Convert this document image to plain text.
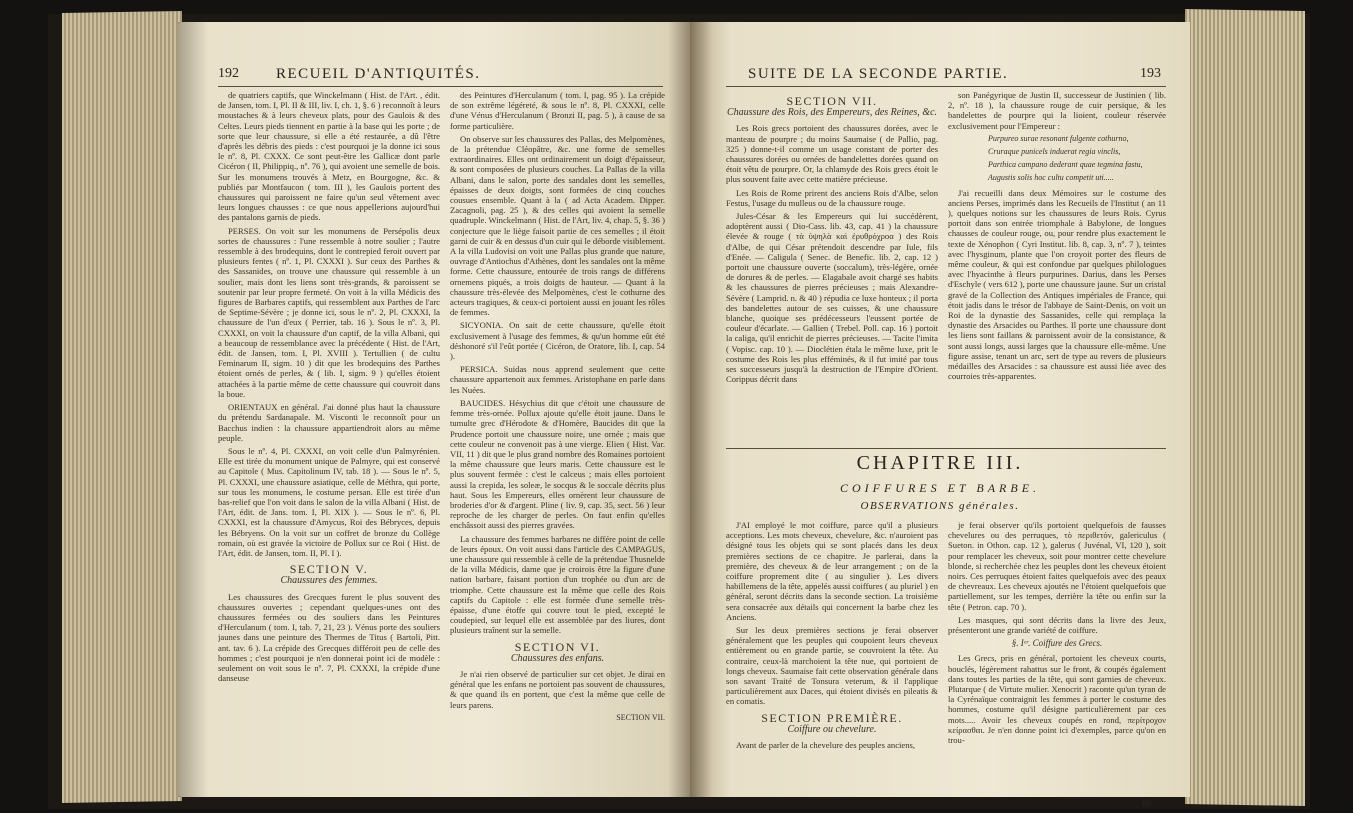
192 RECUEIL D'ANTIQUITÉS.

de quatriers captifs, que Winckelmann ( Hist. de l'Art. , édit. de Jansen, tom. I, Pl. II & III, liv. I, ch. 1, §. 6 ) reconnoît à leurs moustaches & à leurs cheveux plats, pour des Gaulois & des Celtes. Leurs pieds tiennent en partie à la base qui les porte ; de sorte que leur chaussure, si elle a été restaurée, a dû l'être d'après les débris des pieds : c'est pourquoi je la donne ici sous le nº. 8, Pl. CXXX. Ce sont peut-être les Gallicæ dont parle Cicéron ( II, Philippiq., nº. 76 ), qui avoient une semelle de bois. Sur les monumens trouvés à Metz, en Bourgogne, &c. & publiés par Montfaucon ( tom. III ), les Gaulois portent des chaussures qui paroissent ne faire qu'un seul vêtement avec leurs longues chausses : ce que nous appellerions aujourd'hui des pantalons garnis de pieds.

PERSES. On voit sur les monumens de Persépolis deux sortes de chaussures : l'une ressemble à notre soulier ; l'autre ressemble à des brodequins, dont le contrepied feroit ouvert par plusieurs fentes ( nº. 1, Pl. CXXXI ). Sur ceux des Parthes & des Sassanides, on trouve une chaussure qui ressemble à un soulier, mais dont les liens sont très-grands, & paroissent se soutenir par leur propre fermeté. On voit à la villa Médicis des figures de Barbares captifs, qui ressemblent aux Parthes de l'arc de Septime-Sévère ; je donne ici, sous le nº. 2, Pl. CXXXI, la chaussure de l'un d'eux ( Perrier, tab. 16 ). Sous le nº. 3, Pl. CXXXI, on voit la chaussure d'un captif, de la villa Albani, qui a beaucoup de ressemblance avec la précédente ( Hist. de l'Art, édit. de Jansen, tom. I, Pl. XVIII ). Tertullien ( de cultu Feminarum II, sigm. 10 ) dit que les brodequins des Parthes étoient ornés de perles, & ( lib. I, sigm. 9 ) qu'elles étoient attachées à la partie même de cette chaussure qui couvroit dans la boue.

ORIENTAUX en général. J'ai donné plus haut la chaussure du prétendu Sardanapale. M. Visconti le reconnoît pour un Bacchus indien : la chaussure appartiendroit alors au même peuple.

Sous le nº. 4, Pl. CXXXI, on voit celle d'un Palmyrénien. Elle est tirée du monument unique de Palmyre, qui est conservé au Capitole ( Mus. Capitolinum IV, tab. 18 ). — Sous le nº. 5, Pl. CXXXI, une chaussure asiatique, celle de Méthra, qui porte, sur tous les monumens, le costume persan. Elle est tirée d'un bas-relief que l'on voit dans le salon de la villa Albani ( Hist. de l'Art, édit. de Jans. tom. I, Pl. XIX ). — Sous le nº. 6, Pl. CXXXI, est la chaussure d'Amycus, Roi des Bébryces, depuis les Bébryens. On la voit sur un coffret de bronze du Collège romain, où est gravée la victoire de Pollux sur ce Roi ( Hist. de l'Art, édit. de Jansen, tom. II, Pl. I ).

SECTION V.
Chaussures des femmes.

Les chaussures des Grecques furent le plus souvent des chaussures ouvertes ; cependant quelques-unes ont des chaussures fermées ou des souliers dans les Peintures d'Herculanum ( tom. I, tab. 7, 21, 23 ). Vénus porte des souliers jaunes dans une peinture des Thermes de Titus ( Bartoli, Pitt. ant. tav. 6 ). La crépide des Grecques différoit peu de celle des hommes ; c'est pourquoi je n'en donnerai point ici de modèle : seulement on voit sous le nº. 7, Pl. CXXXI, la crépide d'une danseuse

des Peintures d'Herculanum ( tom. I, pag. 95 ). La crépide de son extrême légéreté, & sous le nº. 8, Pl. CXXXI, celle d'une Vénus d'Herculanum ( Bronzi II, pag. 5 ), à cause de sa forme particulière.

On observe sur les chaussures des Pallas, des Melpomènes, de la prétendue Cléopâtre, &c. une forme de semelles extraordinaires. Elles ont ordinairement un doigt d'épaisseur, & sont composées de plusieurs couches. La Pallas de la villa Albani, dans le salon, porte des sandales dont les semelles, épaisses de deux doigts, sont formées de cinq couches cousues ensemble. Quant à la ( ad Acta Academ. Dipper. Zacagnoli, pag. 25 ), & des celles qui avoient la semelle quadruple. Winckelmann ( Hist. de l'Art, liv. 4, chap. 5, §. 36 ) conjecture que le liège faisoit partie de ces semelles ; il étoit garni de cuir & en dessus d'un cuir qui le déborde visiblement. A la villa Ludovisi on voit une Pallas plus grande que nature, ouvrage d'Antiochus d'Athènes, dont les sandales ont la même forme. Cette chaussure, entourée de trois rangs de différens ornemens piqués, a trois doigts de hauteur. — Quant à la chaussure très-élevée des Melpomènes, c'est le cothurne des acteurs tragiques, & ceux-ci portoient aussi en jouant les rôles de femmes.

SICYONIA. On sait de cette chaussure, qu'elle étoit exclusivement à l'usage des femmes, & qu'un homme eût été déshonoré s'il l'eût portée ( Cicéron, de Oratore, lib. I, cap. 54 ).

PERSICA. Suidas nous apprend seulement que cette chaussure appartenoit aux femmes. Aristophane en parle dans les Nuées.

BAUCIDES. Hésychius dit que c'étoit une chaussure de femme très-ornée. Pollux ajoute qu'elle étoit jaune. Dans le tumulte grec d'Hérodote & d'Homère, Baucides dit que la Prudence portoit une chaussure noire, une ornée ; mais que cette couleur ne convenoit pas à une vierge. Elien ( Hist. Var. VII, 11 ) dit que le plus grand nombre des Romaines portoient la même chaussure que leurs maris. Cette chaussure est le plus souvent fermée : c'est le calceus ; mais elles portoient aussi la crepida, les soleæ, le socqus & le soccale décrits plus haut. Sous les Empereurs, elles ornèrent leur chaussure de broderies d'or & d'argent. Pline ( liv. 9, cap. 35, sect. 56 ) leur reproche de les charger de perles. On faut enfin qu'elles enchâssoit aussi des pierres gravées.

La chaussure des femmes barbares ne différe point de celle de leurs époux. On voit aussi dans l'article des CAMPAGUS, une chaussure qui ressemble à celle de la prétendue Thusnelde de la villa Médicis, dame que je croirois être la figure d'une nation barbare, faisant portion d'un trophée ou d'un arc de triomphe. Cette chaussure est la même que celle des Rois captifs du Capitole : elle est formée d'une semelle très-épaisse, d'une étoffe qui couvre tout le pied, excepté le coudepied, sur lequel elle est assemblée par des liures, dont plusieurs traînent sur la semelle.

SECTION VI.
Chaussures des enfans.

Je n'ai rien observé de particulier sur cet objet. Je dirai en général que les enfans ne portoient pas souvent de chaussures, & que quand ils en portent, que c'est la même que celle de leurs parens.

SECTION VII.
SUITE DE LA SECONDE PARTIE.	193
SECTION VII.
Chaussure des Rois, des Empereurs, des Reines, &c.

Les Rois grecs portoient des chaussures dorées, avec le manteau de pourpre ; du moins Saumaise ( de Pallio, pag. 325 ) donne-t-il comme un usage constant de porter des chaussures dorées ou ornées de bandelettes dorées quand on étoit vêtu de pourpre. Or, la chlamyde des Rois grecs étoit le plus souvent faite avec cette matière précieuse.

Les Rois de Rome prirent des anciens Rois d'Albe, selon Festus, l'usage du mulleus ou de la chaussure rouge.

Jules-César & les Empereurs qui lui succédèrent, adoptèrent aussi ( Dio-Cass. lib. 43, cap. 41 ) la chaussure élevée & rouge ( τὰ ὑψηλὰ καὶ ἐρυθρόχροα ) des Rois d'Albe, de qui César prétendoit descendre par Iule, fils d'Enée. — Caligula ( Senec. de Benefic. lib. 2, cap. 12 ) portoit une chaussure ouverte (soccalum), très-légère, ornée de dorures & de perles. — Elagabale avoit chargé ses habits & les chaussures de pierres précieuses ; mais Alexandre-Sévère ( Lamprid. n. & 40 ) répudia ce luxe honteux ; il porta des bandelettes autour de ses cuisses, & une chaussure blanche, quoique ses prédécesseurs l'eussent portée de couleur d'écarlate. — Gallien ( Trebel. Poll. cap. 16 ) portoit la caliga, qu'il enrichit de pierres précieuses. — Tacite l'imita ( Vopisc. cap. 10 ). — Dioclétien étala le même luxe, prit le costume des Rois les plus efféminés, & il fut imité par tous ses successeurs jusqu'à la destruction de l'Empire d'Orient. Corippus décrit dans

son Panégyrique de Justin II, successeur de Justinien ( lib. 2, nº. 18 ), la chaussure rouge de cuir persique, & les bandelettes de pourpre qui la lioient, couleur réservée exclusivement pour l'Empereur :

Purpureo surae resonant fulgente cothurno,

Cruraque punicels induerat regia vinclis,

Parthica campano dederant quae tegmina fastu,

Augustis solis hoc cultu competit uti.....

J'ai recueilli dans deux Mémoires sur le costume des anciens Perses, imprimés dans les Recueils de l'Institut ( an 11 ), quelques notions sur les chaussures de leurs Rois. Cyrus portoit dans son entrée triomphale à Babylone, de longues chausses de couleur rouge, ou, pour rendre plus exactement le texte de Xénophon ( Cyri Institut. lib. 8, cap. 3, nº. 7 ), teintes avec l'hysginum, plante que l'on croyoit porter des fleurs de même couleur, & qui est confondue par quelques philologues avec l'hyacinthe à fleurs purpurines. Darius, dans les Perses d'Eschyle ( vers 612 ), porte une chaussure jaune. Sur un cristal gravé de la Collection des Antiques impériales de France, qui étoit jadis dans le trésor de l'abbaye de Saint-Denis, on voit un Roi de la dynastie des Sassanides, celle qui remplaça la dynastie des Arsacides ou Parthes. Il porte une chaussure dont les liens sont faillans & paroissent avoir de la consistance, & sont aussi longs, aussi larges que la chaussure elle-même. Une figure assise, tenant un arc, sert de type au revers de plusieurs médailles des Arsacides : sa chaussure est aussi liée avec des courroies très-apparentes.

CHAPITRE III.
COIFFURES ET BARBE.
OBSERVATIONS générales.

J'AI employé le mot coiffure, parce qu'il a plusieurs acceptions. Les mots cheveux, chevelure, &c. n'auroient pas désigné tous les objets qui se sont placés dans les deux premières sections de ce chapitre. Je parlerai, dans la première, des cheveux & de leur arrangement ; on de la coiffure proprement dite ( au singulier ). Les divers habillemens de la tête, appelés aussi coiffures ( au pluriel ) en général, seront décrits dans la seconde section. La troisième sera consacrée aux détails qui concernent la barbe chez les Anciens.

Sur les deux premières sections je ferai observer généralement que les peuples qui coupoient leurs cheveux entièrement ou en grande partie, se couvroient la tête. Au contraire, ceux-là marchoient la tête nue, qui portoient de longs cheveux. Saumaise fait cette observation générale dans son savant Traité de Tonsura veterum, & il l'applique particulièrement aux Daces, qui étoient divisés en pileatis & en comatis.

SECTION PREMIÈRE.
Coiffure ou chevelure.

Avant de parler de la chevelure des peuples anciens,

je ferai observer qu'ils portoient quelquefois de fausses chevelures ou des perruques, τὸ περιθετόν, galericulus ( Sueton. in Othon. cap. 12 ), galerus ( Juvénal, VI, 120 ), soit pour remplacer les cheveux, soit pour montrer cette chevelure blonde, si recherchée chez les peuples dont les cheveux étoient noirs. Ces perruques étoient faites quelquefois avec des peaux de chevreaux. Les cheveux ajoutés ne l'étoient quelquefois que partiellement, sur les tempes, derrière la tête ou enfin sur la tête ( Petron. cap. 70 ).

Les masques, qui sont décrits dans la livre des Jeux, présenteront une grande variété de coiffure.

§. Iᵉʳ. Coiffure des Grecs.

Les Grecs, pris en général, portoient les cheveux courts, bouclés, légèrement rabattus sur le front, & coupés également dans toutes les parties de la tête, qui sont garnies de cheveux. Plutarque ( de Virtute mulier. Xenocrit ) raconte qu'un tyran de la Cyrénaïque contraignit les femmes à porter le costume des hommes, costume qu'il désigne particulièrement par ces mots..... Avoir les cheveux coupés en rond, περίτροχον κείρασθαι. Je n'en donne point ici d'exemples, parce qu'on en trou-

Bb
